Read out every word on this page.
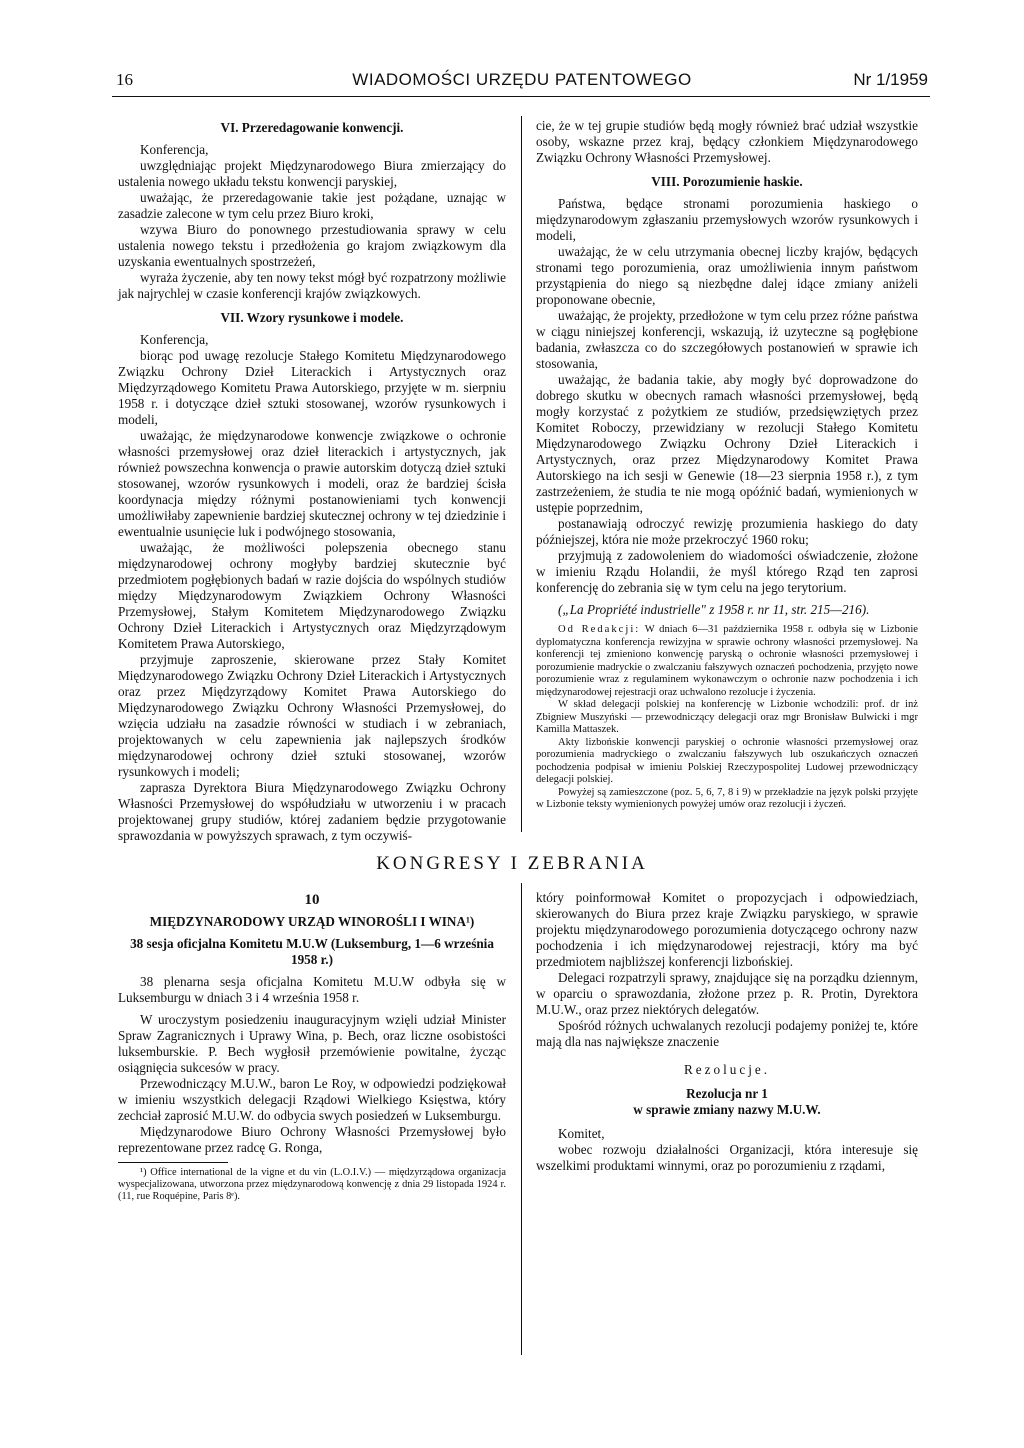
16	WIADOMOŚCI URZĘDU PATENTOWEGO	Nr 1/1959

VI. Przeredagowanie konwencji.

Konferencja,

uwzględniając projekt Międzynarodowego Biura zmierzający do ustalenia nowego układu tekstu konwencji paryskiej,

uważając, że przeredagowanie takie jest pożądane, uznając w zasadzie zalecone w tym celu przez Biuro kroki,

wzywa Biuro do ponownego przestudiowania sprawy w celu ustalenia nowego tekstu i przedłożenia go krajom związkowym dla uzyskania ewentualnych spostrzeżeń,

wyraża życzenie, aby ten nowy tekst mógł być rozpatrzony możliwie jak najrychlej w czasie konferencji krajów związkowych.

VII. Wzory rysunkowe i modele.

Konferencja,

biorąc pod uwagę rezolucje Stałego Komitetu Międzynarodowego Związku Ochrony Dzieł Literackich i Artystycznych oraz Międzyrządowego Komitetu Prawa Autorskiego, przyjęte w m. sierpniu 1958 r. i dotyczące dzieł sztuki stosowanej, wzorów rysunkowych i modeli,

uważając, że międzynarodowe konwencje związkowe o ochronie własności przemysłowej oraz dzieł literackich i artystycznych, jak również powszechna konwencja o prawie autorskim dotyczą dzieł sztuki stosowanej, wzorów rysunkowych i modeli, oraz że bardziej ścisła koordynacja między różnymi postanowieniami tych konwencji umożliwiłaby zapewnienie bardziej skutecznej ochrony w tej dziedzinie i ewentualnie usunięcie luk i podwójnego stosowania,

uważając, że możliwości polepszenia obecnego stanu międzynarodowej ochrony mogłyby bardziej skutecznie być przedmiotem pogłębionych badań w razie dojścia do wspólnych studiów między Międzynarodowym Związkiem Ochrony Własności Przemysłowej, Stałym Komitetem Międzynarodowego Związku Ochrony Dzieł Literackich i Artystycznych oraz Międzyrządowym Komitetem Prawa Autorskiego,

przyjmuje zaproszenie, skierowane przez Stały Komitet Międzynarodowego Związku Ochrony Dzieł Literackich i Artystycznych oraz przez Międzyrządowy Komitet Prawa Autorskiego do Międzynarodowego Związku Ochrony Własności Przemysłowej, do wzięcia udziału na zasadzie równości w studiach i w zebraniach, projektowanych w celu zapewnienia jak najlepszych środków międzynarodowej ochrony dzieł sztuki stosowanej, wzorów rysunkowych i modeli;

zaprasza Dyrektora Biura Międzynarodowego Związku Ochrony Własności Przemysłowej do współudziału w utworzeniu i w pracach projektowanej grupy studiów, której zadaniem będzie przygotowanie sprawozdania w powyższych sprawach, z tym oczywiś-

cie, że w tej grupie studiów będą mogły również brać udział wszystkie osoby, wskazne przez kraj, będący członkiem Międzynarodowego Związku Ochrony Własności Przemysłowej.

VIII. Porozumienie haskie.

Państwa, będące stronami porozumienia haskiego o międzynarodowym zgłaszaniu przemysłowych wzorów rysunkowych i modeli,

uważając, że w celu utrzymania obecnej liczby krajów, będących stronami tego porozumienia, oraz umożliwienia innym państwom przystąpienia do niego są niezbędne dalej idące zmiany aniżeli proponowane obecnie,

uważając, że projekty, przedłożone w tym celu przez różne państwa w ciągu niniejszej konferencji, wskazują, iż uzyteczne są pogłębione badania, zwłaszcza co do szczegółowych postanowień w sprawie ich stosowania,

uważając, że badania takie, aby mogły być doprowadzone do dobrego skutku w obecnych ramach własności przemysłowej, będą mogły korzystać z pożytkiem ze studiów, przedsięwziętych przez Komitet Roboczy, przewidziany w rezolucji Stałego Komitetu Międzynarodowego Związku Ochrony Dzieł Literackich i Artystycznych, oraz przez Międzynarodowy Komitet Prawa Autorskiego na ich sesji w Genewie (18—23 sierpnia 1958 r.), z tym zastrzeżeniem, że studia te nie mogą opóźnić badań, wymienionych w ustępie poprzednim,

postanawiają odroczyć rewizję prozumienia haskiego do daty późniejszej, która nie może przekroczyć 1960 roku;

przyjmują z zadowoleniem do wiadomości oświadczenie, złożone w imieniu Rządu Holandii, że myśl którego Rząd ten zaprosi konferencję do zebrania się w tym celu na jego terytorium.

(„La Propriété industrielle" z 1958 r. nr 11, str. 215—216).

Od Redakcji: W dniach 6—31 października 1958 r. odbyła się w Lizbonie dyplomatyczna konferencja rewizyjna w sprawie ochrony własności przemysłowej. Na konferencji tej zmieniono konwencję paryską o ochronie własności przemysłowej i porozumienie madryckie o zwalczaniu fałszywych oznaczeń pochodzenia, przyjęto nowe porozumienie wraz z regulaminem wykonawczym o ochronie nazw pochodzenia i ich międzynarodowej rejestracji oraz uchwalono rezolucje i życzenia.

W skład delegacji polskiej na konferencję w Lizbonie wchodzili: prof. dr inż Zbigniew Muszyński — przewodniczący delegacji oraz mgr Bronisław Bulwicki i mgr Kamilla Mattaszek.

Akty lizbońskie konwencji paryskiej o ochronie własności przemysłowej oraz porozumienia madryckiego o zwalczaniu fałszywych lub oszukańczych oznaczeń pochodzenia podpisał w imieniu Polskiej Rzeczypospolitej Ludowej przewodniczący delegacji polskiej.

Powyżej są zamieszczone (poz. 5, 6, 7, 8 i 9) w przekładzie na język polski przyjęte w Lizbonie teksty wymienionych powyżej umów oraz rezolucji i życzeń.

KONGRESY I ZEBRANIA

10

MIĘDZYNARODOWY URZĄD WINOROŚLI I WINA¹)

38 sesja oficjalna Komitetu M.U.W (Luksemburg, 1—6 września 1958 r.)

38 plenarna sesja oficjalna Komitetu M.U.W odbyła się w Luksemburgu w dniach 3 i 4 września 1958 r.

W uroczystym posiedzeniu inauguracyjnym wzięli udział Minister Spraw Zagranicznych i Uprawy Wina, p. Bech, oraz liczne osobistości luksemburskie. P. Bech wygłosił przemówienie powitalne, życząc osiągnięcia sukcesów w pracy.

Przewodniczący M.U.W., baron Le Roy, w odpowiedzi podziękował w imieniu wszystkich delegacji Rządowi Wielkiego Księstwa, który zechciał zaprosić M.U.W. do odbycia swych posiedzeń w Luksemburgu.

Międzynarodowe Biuro Ochrony Własności Przemysłowej było reprezentowane przez radcę G. Ronga,

¹) Office international de la vigne et du vin (L.O.I.V.) — międzyrządowa organizacja wyspecjalizowana, utworzona przez międzynarodową konwencję z dnia 29 listopada 1924 r. (11, rue Roquépine, Paris 8ᵉ).

który poinformował Komitet o propozycjach i odpowiedziach, skierowanych do Biura przez kraje Związku paryskiego, w sprawie projektu międzynarodowego porozumienia dotyczącego ochrony nazw pochodzenia i ich międzynarodowej rejestracji, który ma być przedmiotem najbliższej konferencji lizbońskiej.

Delegaci rozpatrzyli sprawy, znajdujące się na porządku dziennym, w oparciu o sprawozdania, złożone przez p. R. Protin, Dyrektora M.U.W., oraz przez niektórych delegatów.

Spośród różnych uchwalanych rezolucji podajemy poniżej te, które mają dla nas największe znaczenie

Rezolucje.

Rezolucja nr 1

w sprawie zmiany nazwy M.U.W.

Komitet,

wobec rozwoju działalności Organizacji, która interesuje się wszelkimi produktami winnymi, oraz po porozumieniu z rządami,
